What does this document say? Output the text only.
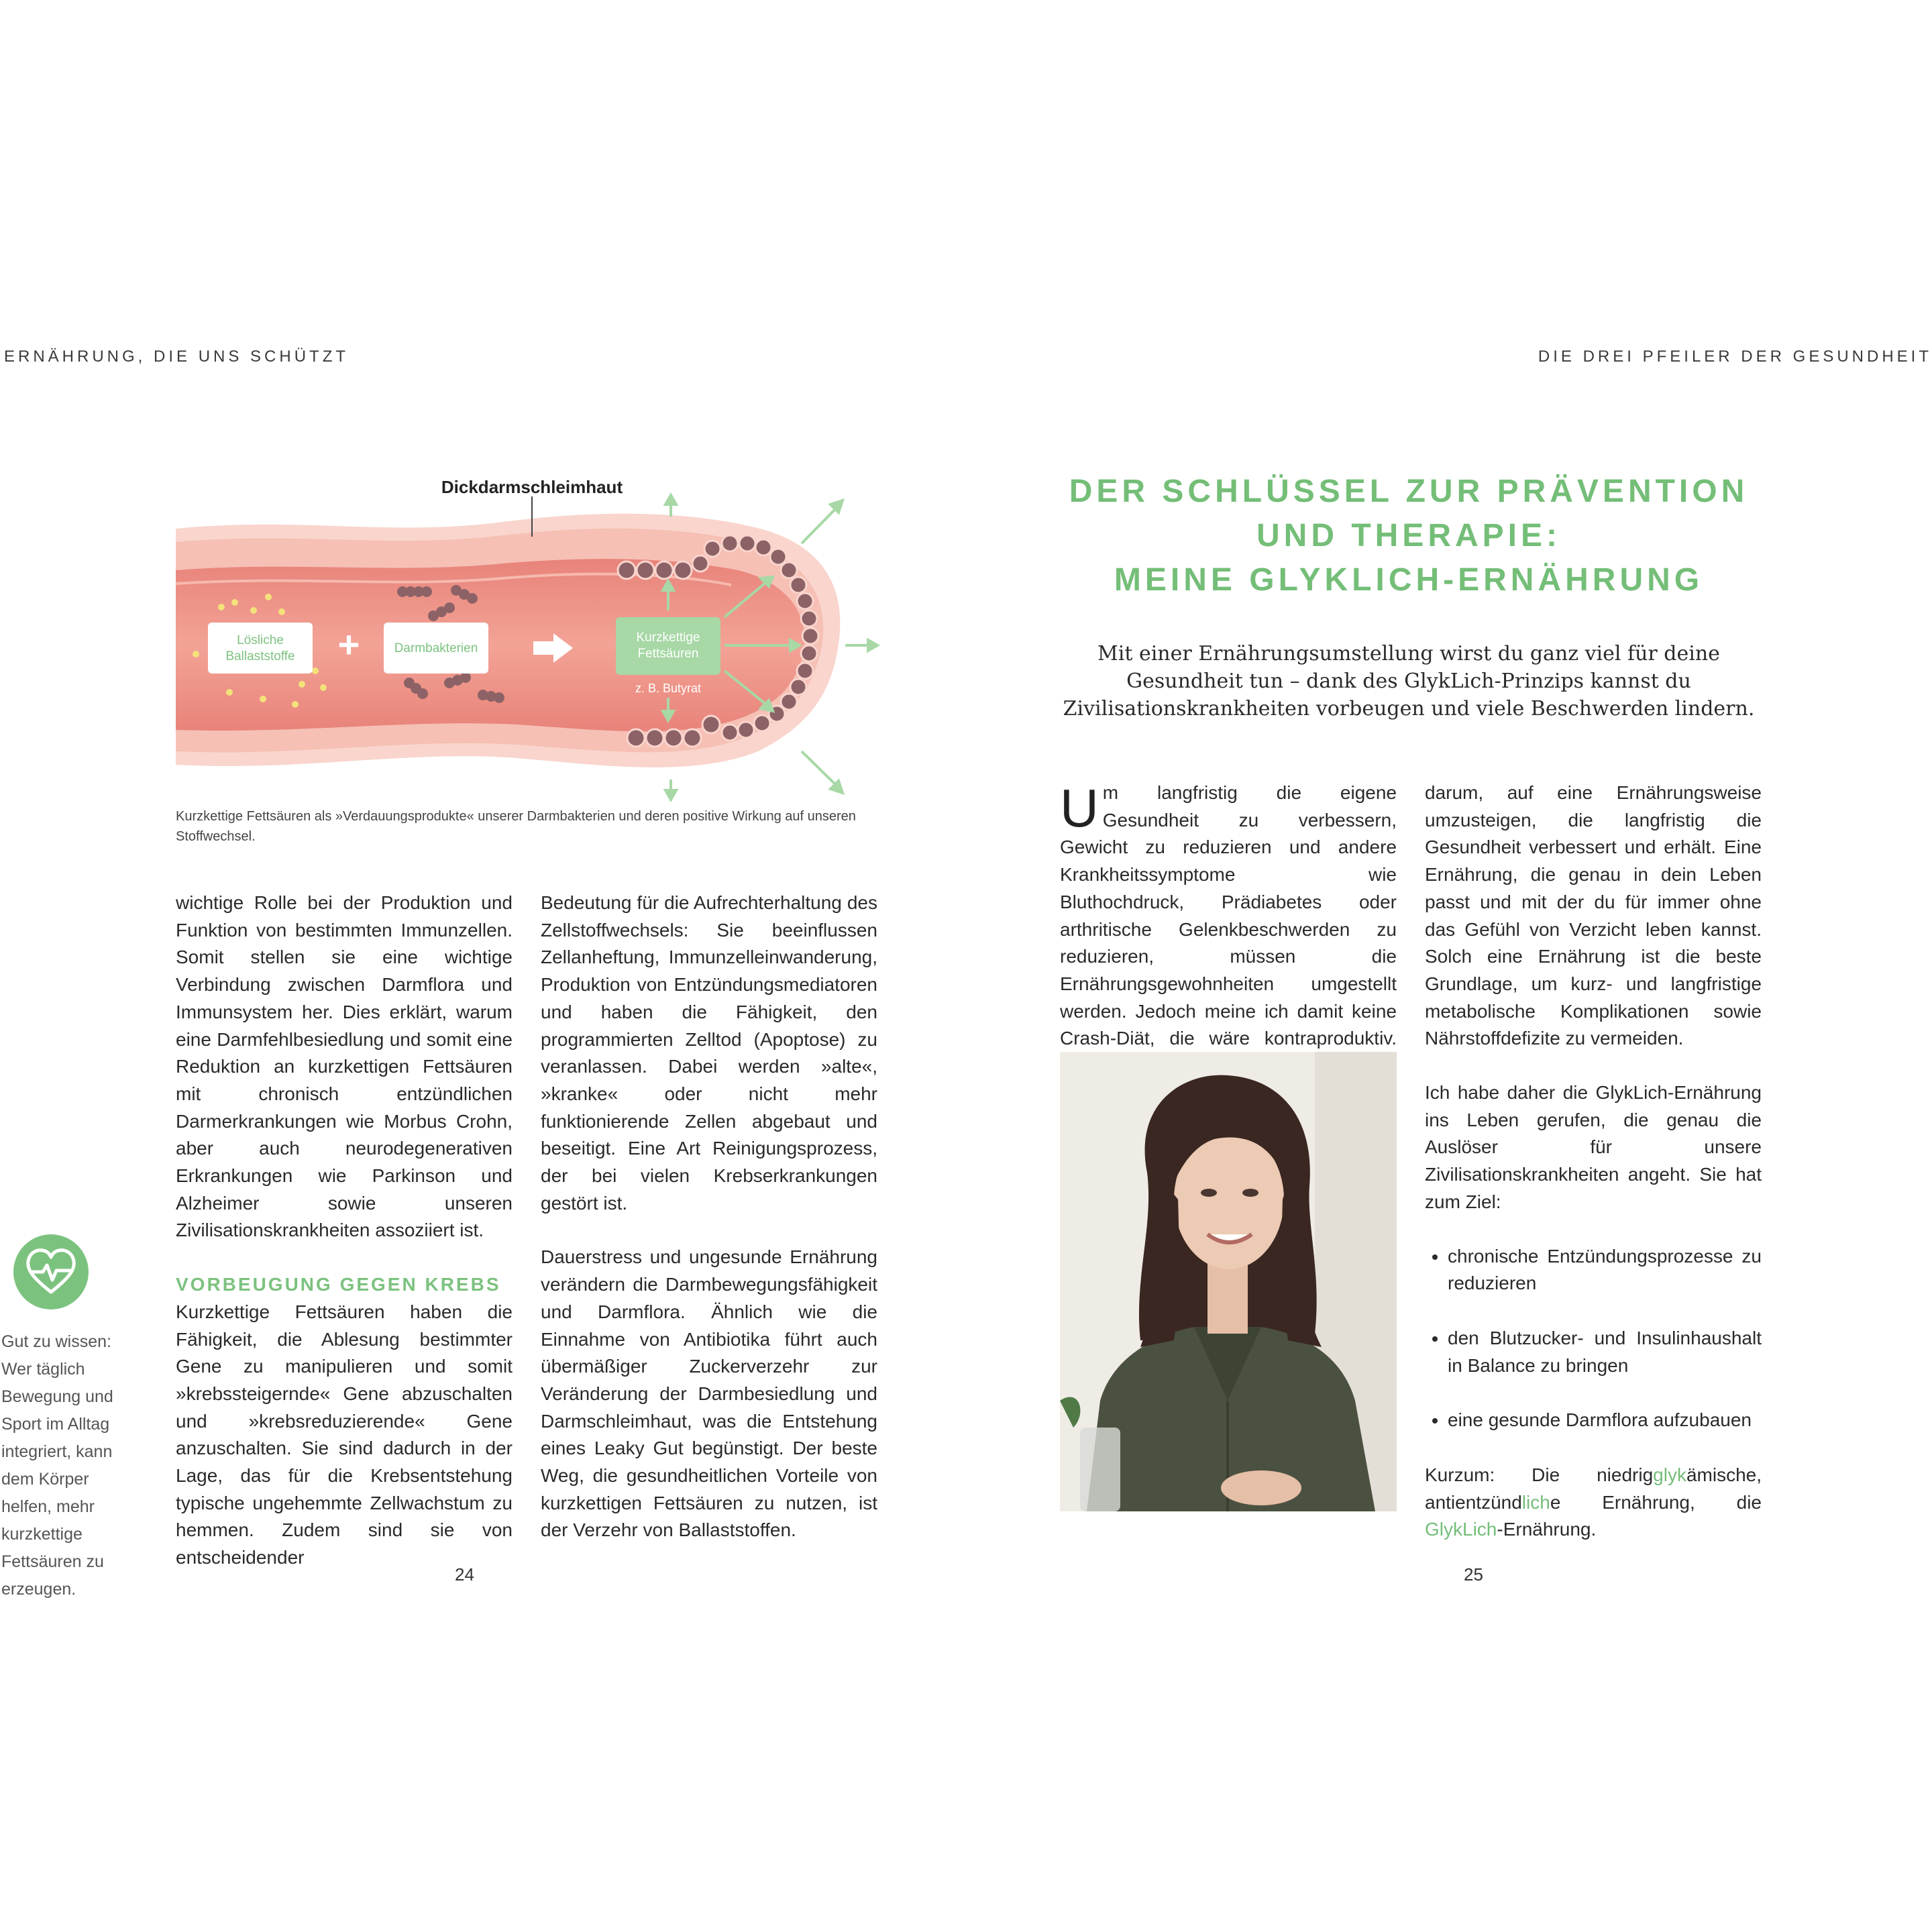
ERNÄHRUNG, DIE UNS SCHÜTZT	DIE DREI PFEILER DER GESUNDHEIT
Dickdarmschleimhaut
Lösliche
Ballaststoffe +	Darmbakterien
Kurzkettige
Fettsäuren
z. B. Butyrat
Kurzkettige Fettsäuren als »Verdauungsprodukte« unserer Darmbakterien und deren positive Wirkung auf unseren Stoffwechsel.

wichtige Rolle bei der Produktion und Funktion von bestimmten Immunzellen. Somit stellen sie eine wichtige Verbindung zwischen Darmflora und Immunsystem her. Dies erklärt, warum eine Darmfehlbesiedlung und somit eine Reduktion an kurzkettigen Fettsäuren mit chronisch entzündlichen Darmerkrankungen wie Morbus Crohn, aber auch neurodegenerativen Erkrankungen wie Parkinson und Alzheimer sowie unseren Zivilisationskrankheiten assoziiert ist.

VORBEUGUNG GEGEN KREBS

Kurzkettige Fettsäuren haben die Fähigkeit, die Ablesung bestimmter Gene zu manipulieren und somit »krebssteigernde« Gene abzuschalten und »krebsreduzierende« Gene anzuschalten. Sie sind dadurch in der Lage, das für die Krebsentstehung typische ungehemmte Zellwachstum zu hemmen. Zudem sind sie von entscheidender

Bedeutung für die Aufrechterhaltung des Zellstoffwechsels: Sie beeinflussen Zellanheftung, Immunzelleinwanderung, Produktion von Entzündungsmediatoren und haben die Fähigkeit, den programmierten Zelltod (Apoptose) zu veranlassen. Dabei werden »alte«, »kranke« oder nicht mehr funktionierende Zellen abgebaut und beseitigt. Eine Art Reinigungsprozess, der bei vielen Krebserkrankungen gestört ist.

Dauerstress und ungesunde Ernährung verändern die Darmbewegungsfähigkeit und Darmflora. Ähnlich wie die Einnahme von Antibiotika führt auch übermäßiger Zuckerverzehr zur Veränderung der Darmbesiedlung und Darmschleimhaut, was die Entstehung eines Leaky Gut begünstigt. Der beste Weg, die gesundheitlichen Vorteile von kurzkettigen Fettsäuren zu nutzen, ist der Verzehr von Ballaststoffen.

Gut zu wissen: Wer täglich Bewegung und Sport im Alltag integriert, kann dem Körper helfen, mehr kurzkettige Fettsäuren zu erzeugen.
24
DER SCHLÜSSEL ZUR PRÄVENTION
UND THERAPIE:
MEINE GLYKLICH-ERNÄHRUNG
Mit einer Ernährungsumstellung wirst du ganz viel für deine Gesundheit tun – dank des GlykLich-Prinzips kannst du Zivilisationskrankheiten vorbeugen und viele Beschwerden lindern.
U m langfristig die eigene Gesundheit zu verbessern, Gewicht zu reduzieren und andere Krankheitssymptome wie Bluthochdruck, Prädiabetes oder arthritische Gelenkbeschwerden zu reduzieren, müssen die Ernährungsgewohnheiten umgestellt werden. Jedoch meine ich damit keine Crash-Diät, die wäre kontraproduktiv.

darum, auf eine Ernährungsweise umzusteigen, die langfristig die Gesundheit verbessert und erhält. Eine Ernährung, die genau in dein Leben passt und mit der du für immer ohne das Gefühl von Verzicht leben kannst. Solch eine Ernährung ist die beste Grundlage, um kurz- und langfristige metabolische Komplikationen sowie Nährstoffdefizite zu vermeiden.

Ich habe daher die GlykLich-Ernährung ins Leben gerufen, die genau die Auslöser für unsere Zivilisationskrankheiten angeht. Sie hat zum Ziel:

• chronische Entzündungsprozesse zu reduzieren
• den Blutzucker- und Insulinhaushalt in Balance zu bringen
• eine gesunde Darmflora aufzubauen

Kurzum: Die niedrigglykämische, antientzündliche Ernährung, die GlykLich-Ernährung.

25
